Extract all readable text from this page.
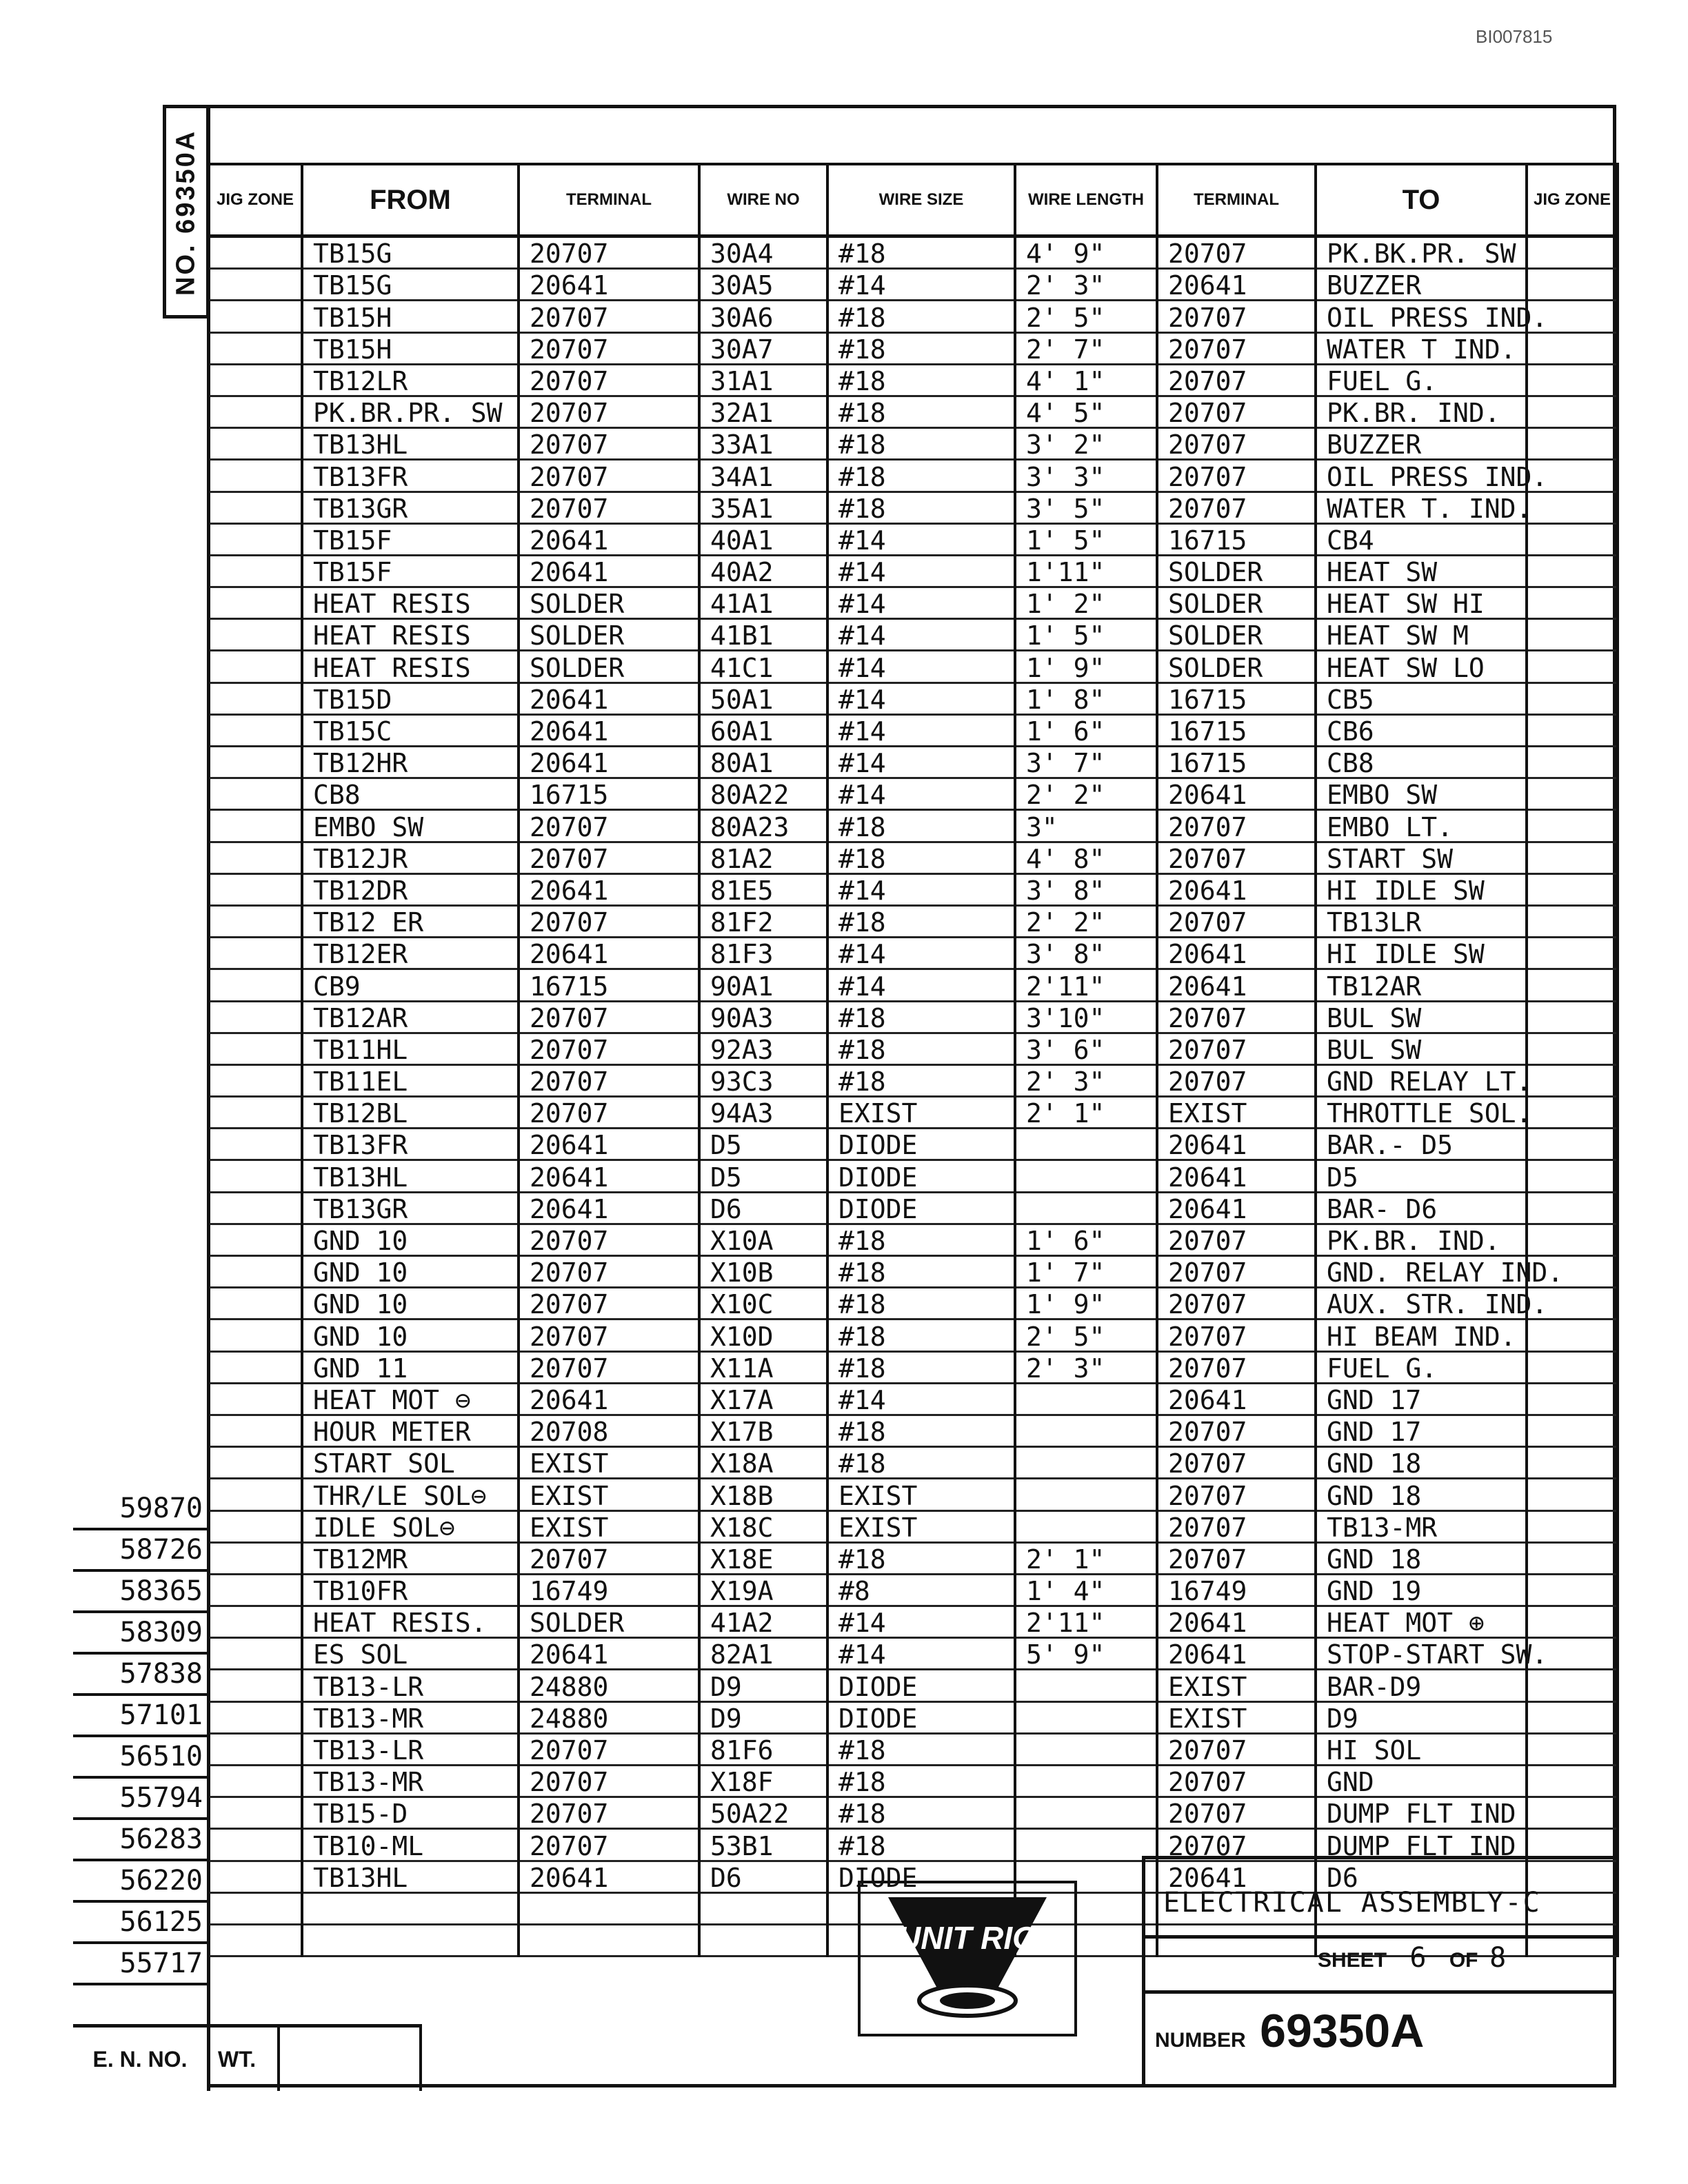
BI007815
NO. 69350A JIG ZONE	FROM	TERMINAL	WIRE NO	WIRE SIZE	WIRE LENGTH	TERMINAL	TO	JIG ZONE
	TB15G	20707	30A4	#18	4' 9"	20707	PK.BK.PR. SW	
	TB15G	20641	30A5	#14	2' 3"	20641	BUZZER	
	TB15H	20707	30A6	#18	2' 5"	20707	OIL PRESS IND.	
	TB15H	20707	30A7	#18	2' 7"	20707	WATER T IND.	
	TB12LR	20707	31A1	#18	4' 1"	20707	FUEL G.	
	PK.BR.PR. SW	20707	32A1	#18	4' 5"	20707	PK.BR. IND.	
	TB13HL	20707	33A1	#18	3' 2"	20707	BUZZER	
	TB13FR	20707	34A1	#18	3' 3"	20707	OIL PRESS IND.	
	TB13GR	20707	35A1	#18	3' 5"	20707	WATER T. IND.	
	TB15F	20641	40A1	#14	1' 5"	16715	CB4	
	TB15F	20641	40A2	#14	1'11"	SOLDER	HEAT SW	
	HEAT RESIS	SOLDER	41A1	#14	1' 2"	SOLDER	HEAT SW HI	
	HEAT RESIS	SOLDER	41B1	#14	1' 5"	SOLDER	HEAT SW M	
	HEAT RESIS	SOLDER	41C1	#14	1' 9"	SOLDER	HEAT SW LO	
	TB15D	20641	50A1	#14	1' 8"	16715	CB5	
	TB15C	20641	60A1	#14	1' 6"	16715	CB6	
	TB12HR	20641	80A1	#14	3' 7"	16715	CB8	
	CB8	16715	80A22	#14	2' 2"	20641	EMBO SW	
	EMBO SW	20707	80A23	#18	3"	20707	EMBO LT.	
	TB12JR	20707	81A2	#18	4' 8"	20707	START SW	
	TB12DR	20641	81E5	#14	3' 8"	20641	HI IDLE SW	
	TB12 ER	20707	81F2	#18	2' 2"	20707	TB13LR	
	TB12ER	20641	81F3	#14	3' 8"	20641	HI IDLE SW	
	CB9	16715	90A1	#14	2'11"	20641	TB12AR	
	TB12AR	20707	90A3	#18	3'10"	20707	BUL SW	
	TB11HL	20707	92A3	#18	3' 6"	20707	BUL SW	
	TB11EL	20707	93C3	#18	2' 3"	20707	GND RELAY LT.	
	TB12BL	20707	94A3	EXIST	2' 1"	EXIST	THROTTLE SOL.	
	TB13FR	20641	D5	DIODE		20641	BAR.- D5	
	TB13HL	20641	D5	DIODE		20641	D5	
	TB13GR	20641	D6	DIODE		20641	BAR- D6	
	GND 10	20707	X10A	#18	1' 6"	20707	PK.BR. IND.	
	GND 10	20707	X10B	#18	1' 7"	20707	GND. RELAY IND.	
	GND 10	20707	X10C	#18	1' 9"	20707	AUX. STR. IND.	
	GND 10	20707	X10D	#18	2' 5"	20707	HI BEAM IND.	
	GND 11	20707	X11A	#18	2' 3"	20707	FUEL G.	
	HEAT MOT ⊖	20641	X17A	#14		20641	GND 17	
	HOUR METER	20708	X17B	#18		20707	GND 17	
	START SOL	EXIST	X18A	#18		20707	GND 18	
	THR/LE SOL⊖	EXIST	X18B	EXIST		20707	GND 18	
	IDLE SOL⊖	EXIST	X18C	EXIST		20707	TB13-MR	
	TB12MR	20707	X18E	#18	2' 1"	20707	GND 18	
	TB10FR	16749	X19A	#8	1' 4"	16749	GND 19	
	HEAT RESIS.	SOLDER	41A2	#14	2'11"	20641	HEAT MOT ⊕	
	ES SOL	20641	82A1	#14	5' 9"	20641	STOP-START SW.	
	TB13-LR	24880	D9	DIODE		EXIST	BAR-D9	
	TB13-MR	24880	D9	DIODE		EXIST	D9	
	TB13-LR	20707	81F6	#18		20707	HI SOL	
	TB13-MR	20707	X18F	#18		20707	GND	
	TB15-D	20707	50A22	#18		20707	DUMP FLT IND	
	TB10-ML	20707	53B1	#18		20707	DUMP FLT IND	
	TB13HL	20641	D6	DIODE		20641	D6	

59870
58726
58365
58309
57838
57101
56510
55794
56283
56220
56125
55717
UNIT RIG
ELECTRICAL ASSEMBLY-C
SHEET 6 OF 8
NUMBER 69350A
E. N. NO.	WT.
